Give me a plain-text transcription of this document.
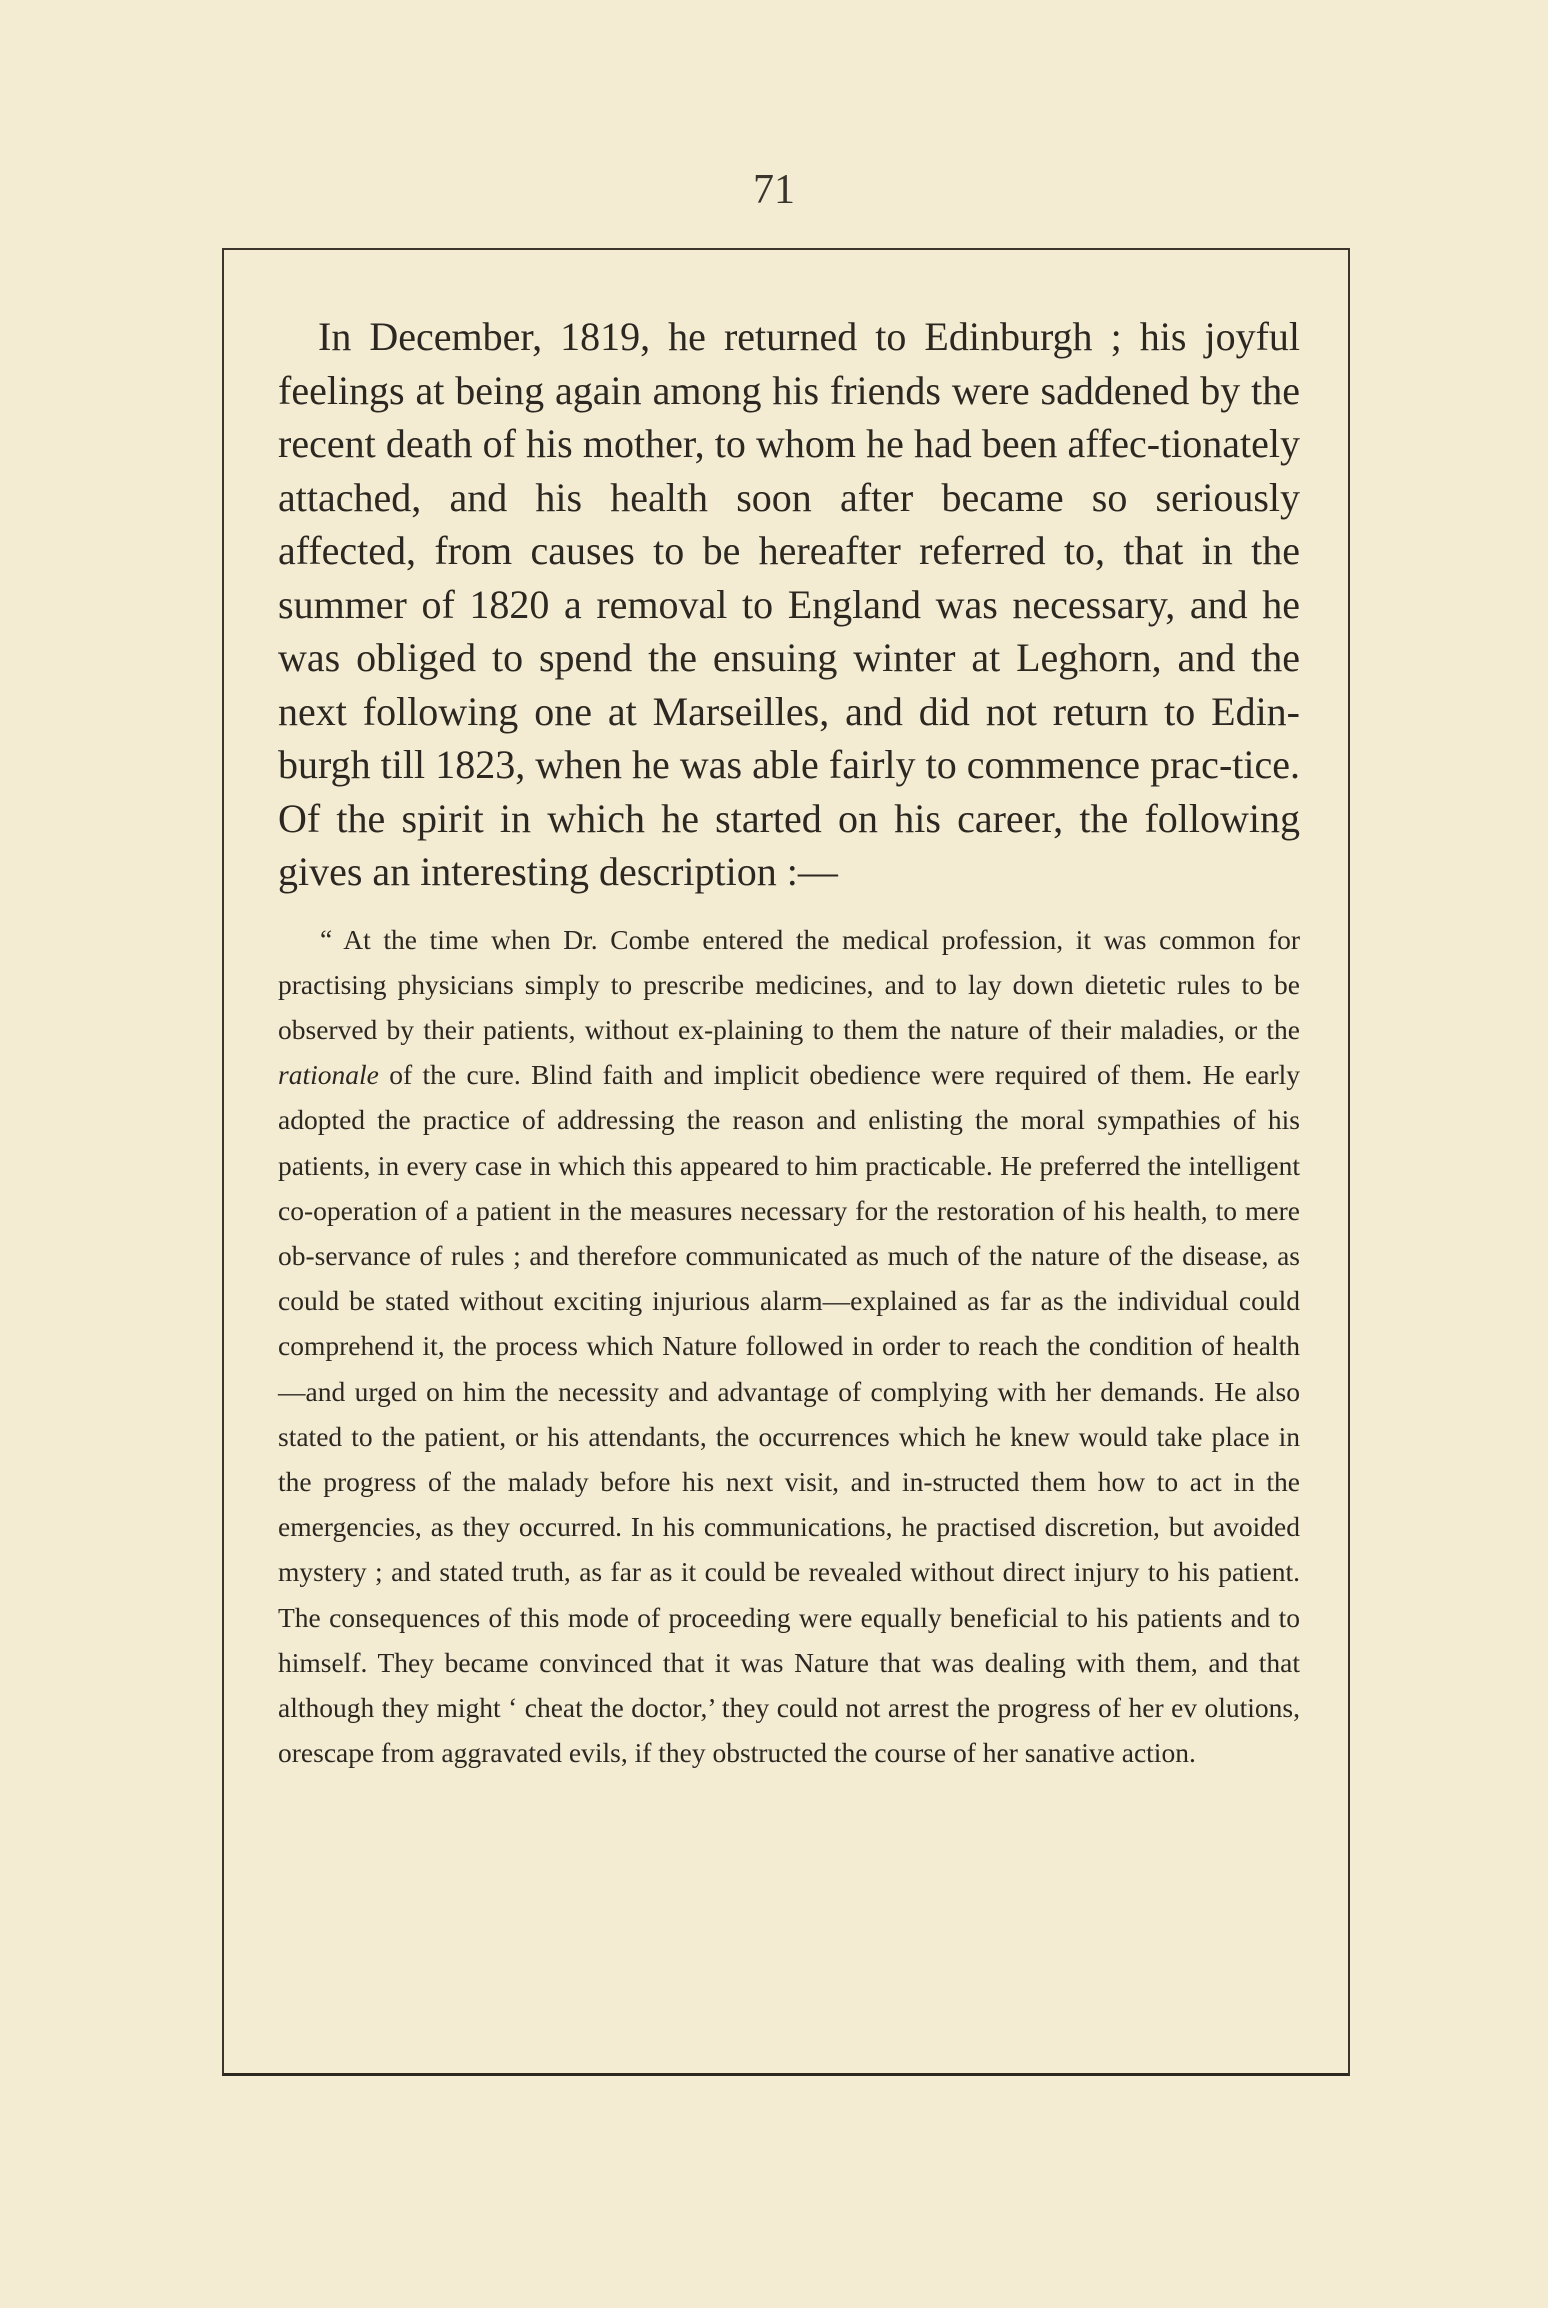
71

In December, 1819, he returned to Edinburgh ; his joyful feelings at being again among his friends were saddened by the recent death of his mother, to whom he had been affec-tionately attached, and his health soon after became so seriously affected, from causes to be hereafter referred to, that in the summer of 1820 a removal to England was necessary, and he was obliged to spend the ensuing winter at Leghorn, and the next following one at Marseilles, and did not return to Edin-burgh till 1823, when he was able fairly to commence prac-tice. Of the spirit in which he started on his career, the following gives an interesting description :—

“ At the time when Dr. Combe entered the medical profession, it was common for practising physicians simply to prescribe medicines, and to lay down dietetic rules to be observed by their patients, without ex-plaining to them the nature of their maladies, or the rationale of the cure. Blind faith and implicit obedience were required of them. He early adopted the practice of addressing the reason and enlisting the moral sympathies of his patients, in every case in which this appeared to him practicable. He preferred the intelligent co-operation of a patient in the measures necessary for the restoration of his health, to mere ob-servance of rules ; and therefore communicated as much of the nature of the disease, as could be stated without exciting injurious alarm—explained as far as the individual could comprehend it, the process which Nature followed in order to reach the condition of health—and urged on him the necessity and advantage of complying with her demands. He also stated to the patient, or his attendants, the occurrences which he knew would take place in the progress of the malady before his next visit, and in-structed them how to act in the emergencies, as they occurred. In his communications, he practised discretion, but avoided mystery ; and stated truth, as far as it could be revealed without direct injury to his patient. The consequences of this mode of proceeding were equally beneficial to his patients and to himself. They became convinced that it was Nature that was dealing with them, and that although they might ‘ cheat the doctor,’ they could not arrest the progress of her ev olutions, orescape from aggravated evils, if they obstructed the course of her sanative action.
